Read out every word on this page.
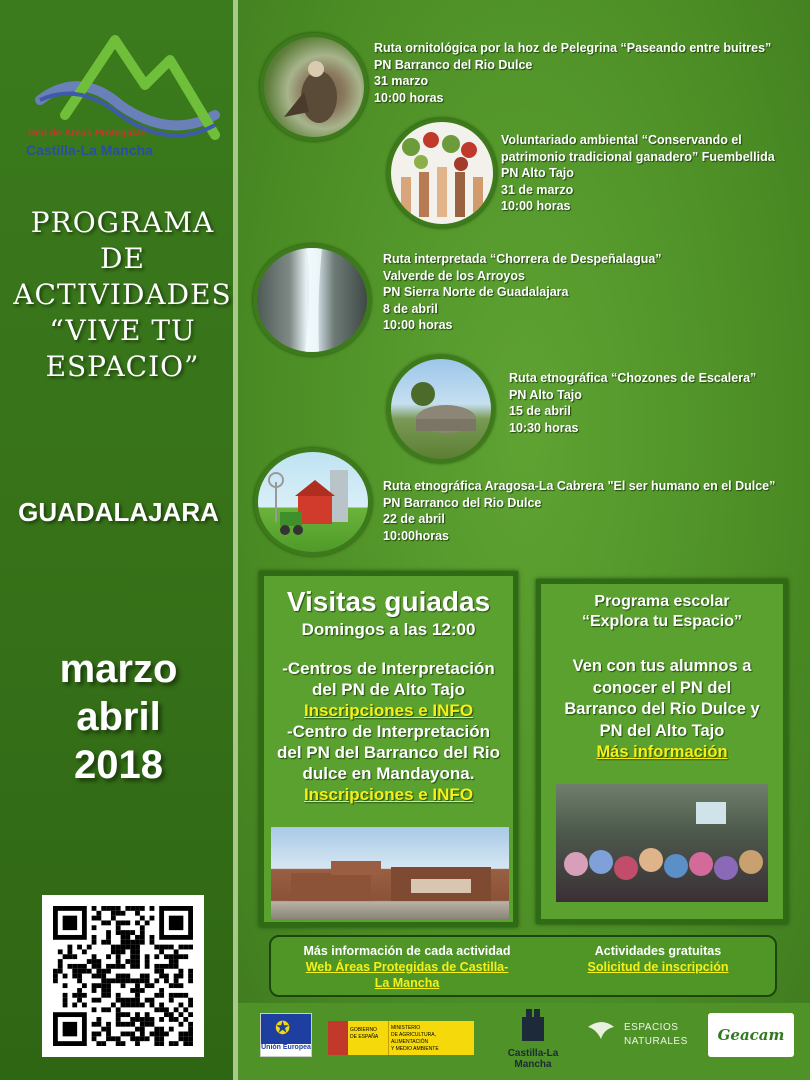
Red de Áreas Protegidas
Castilla-La Mancha
PROGRAMA
DE
ACTIVIDADES
“VIVE TU
ESPACIO”
GUADALAJARA
marzo
abril
2018
Ruta ornitológica por la hoz de Pelegrina “Paseando entre buitres”
PN Barranco del Rio Dulce
31 marzo
10:00 horas
Voluntariado ambiental “Conservando el
patrimonio tradicional ganadero” Fuembellida
PN Alto Tajo
31 de marzo
10:00 horas
Ruta interpretada “Chorrera de Despeñalagua”
Valverde de los Arroyos
PN Sierra Norte de Guadalajara
8 de abril
10:00 horas
Ruta etnográfica “Chozones de Escalera”
PN Alto Tajo
15 de abril
10:30 horas
Ruta etnográfica Aragosa-La Cabrera "El ser humano en el Dulce”
PN Barranco del Rio Dulce
22 de abril
10:00horas
Visitas guiadas
Domingos a las 12:00
-Centros de Interpretación
del PN de Alto Tajo
Inscripciones e INFO
-Centro de Interpretación
del PN del Barranco del Rio
dulce en Mandayona.
Inscripciones e INFO
Programa escolar
“Explora tu Espacio”
Ven con tus alumnos a
conocer el PN del
Barranco del Rio Dulce y
PN del Alto Tajo
Más información
Más información de cada actividad
Web Áreas Protegidas de Castilla-
La Mancha
Actividades gratuitas
Solicitud de inscripción
✪
Unión Europea
GOBIERNO
DE ESPAÑA
MINISTERIO
DE AGRICULTURA, ALIMENTACIÓN
Y MEDIO AMBIENTE	Castilla-La Mancha
ESPACIOS
NATURALES	Geacam
